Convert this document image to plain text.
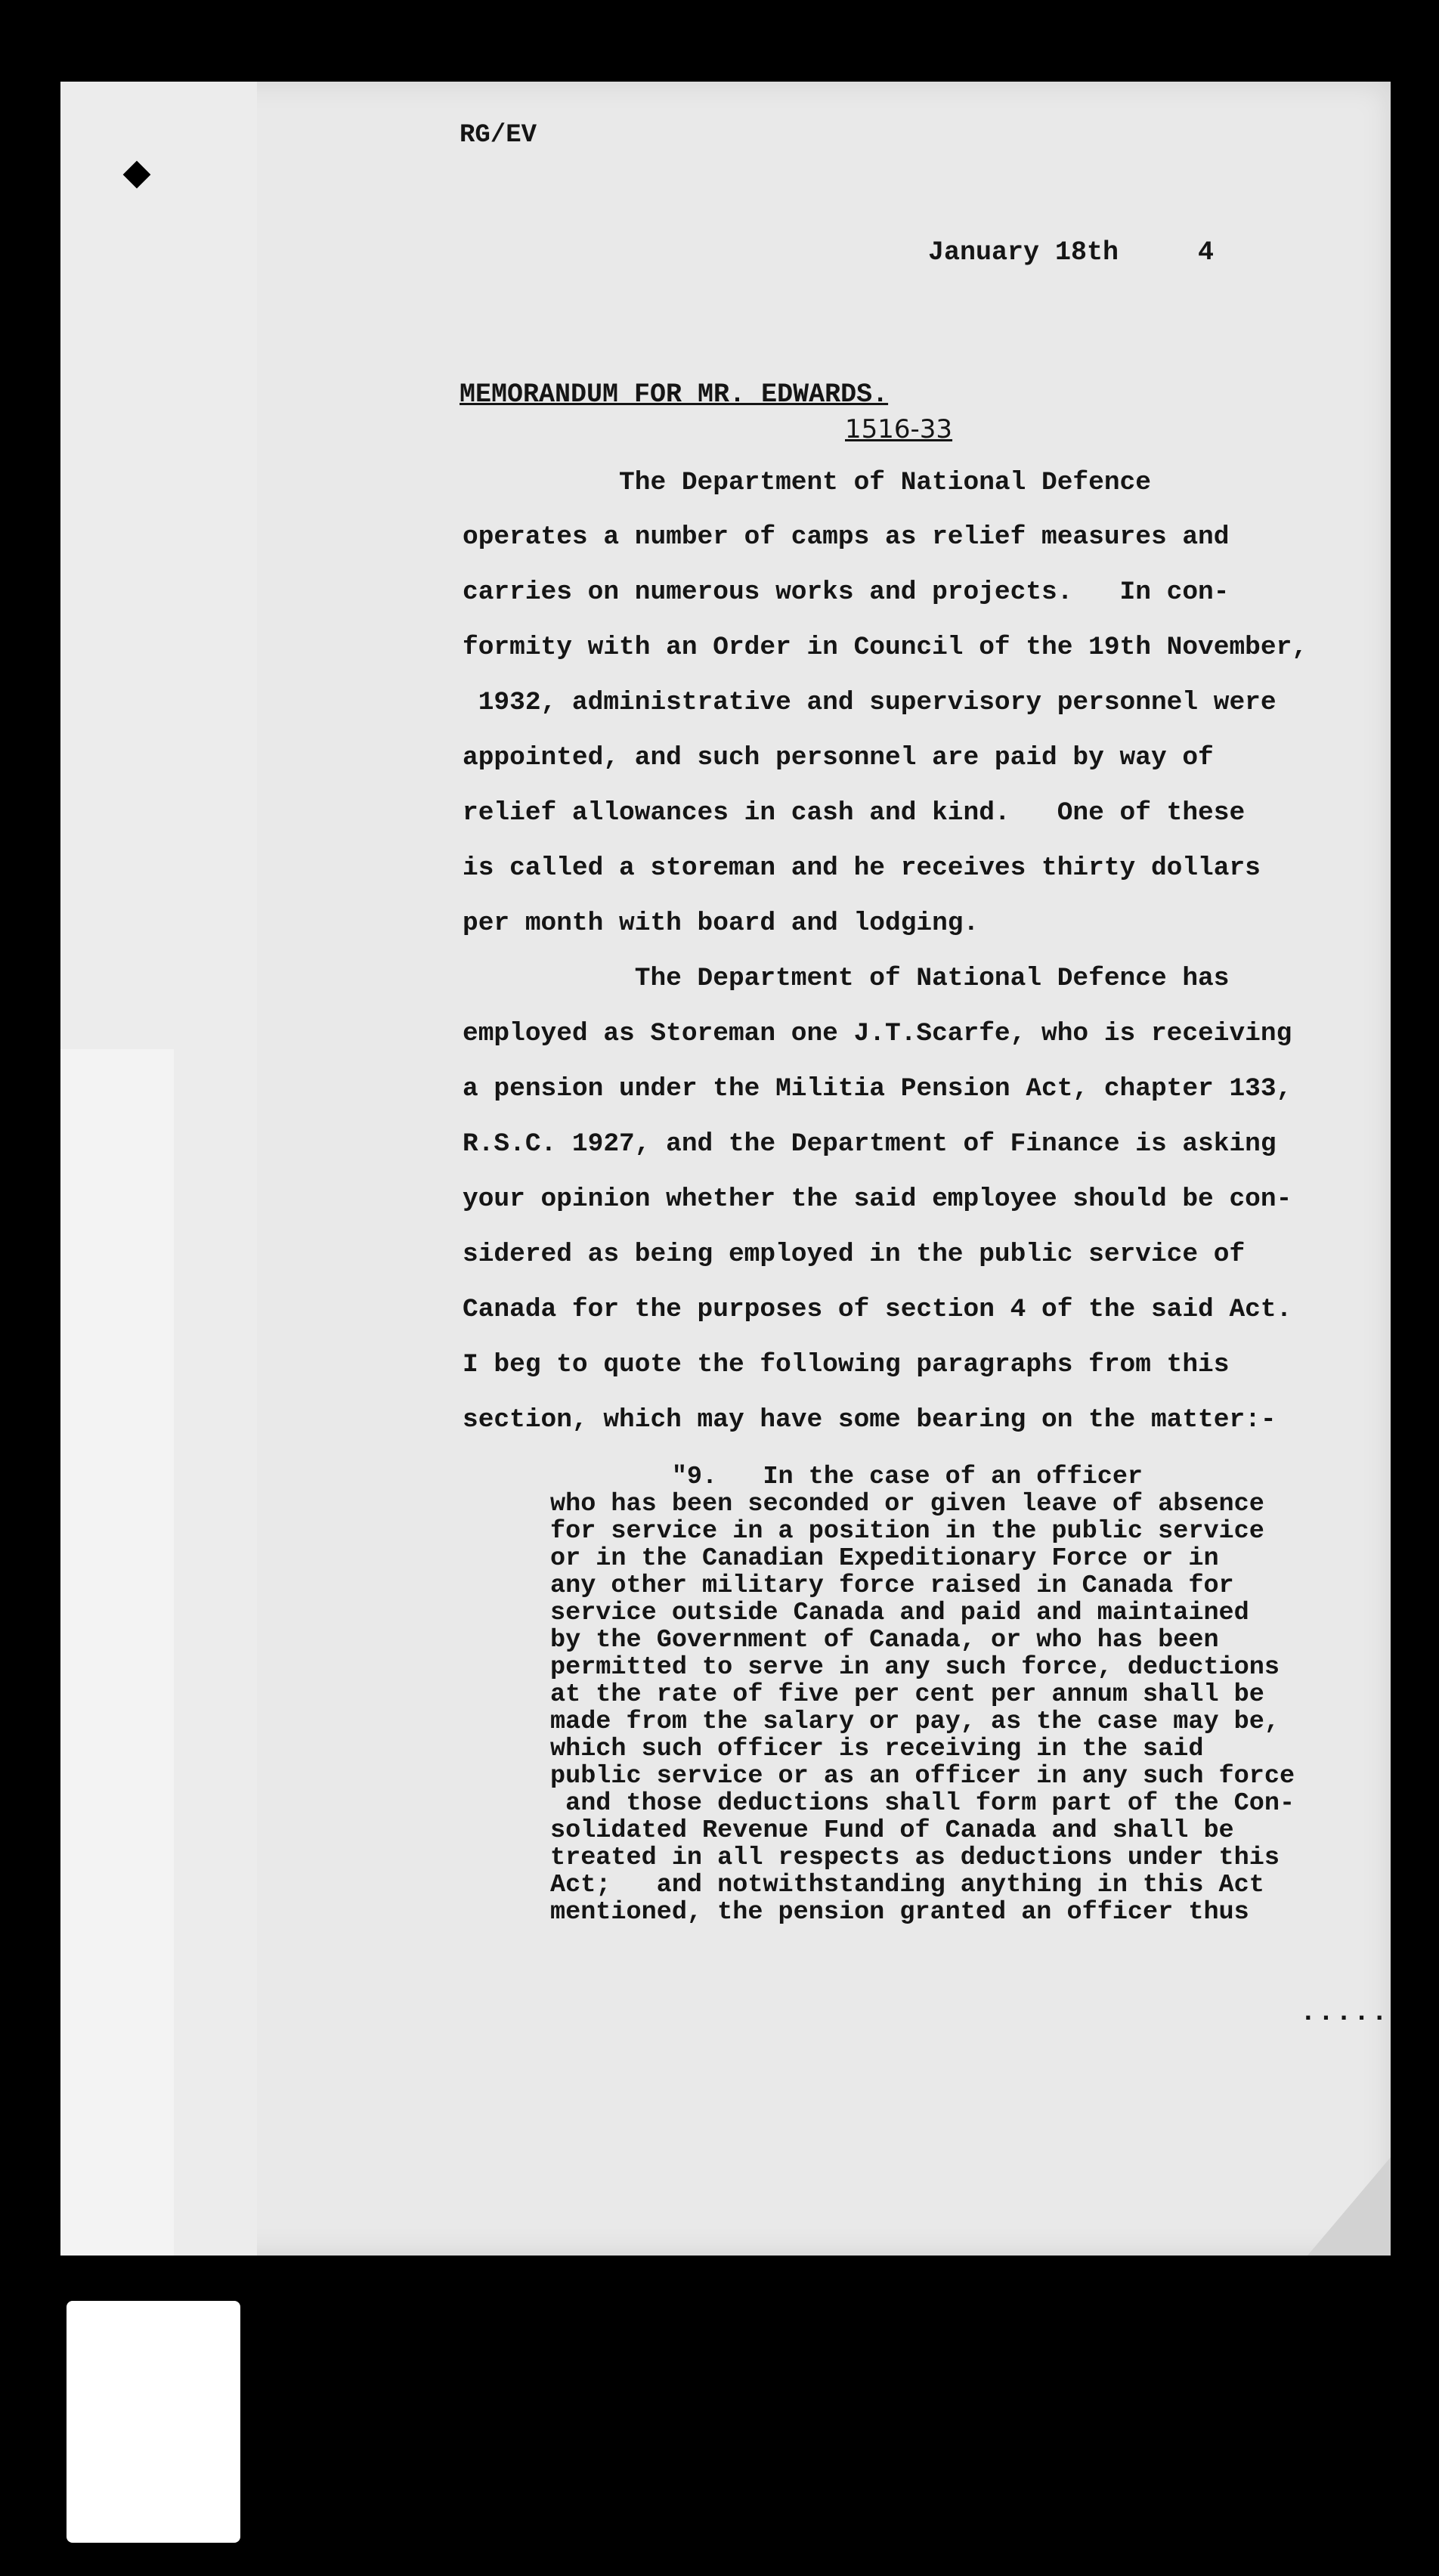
RG/EV

January 18th     4

MEMORANDUM FOR MR. EDWARDS.

1516-33

The Department of National Defence

operates a number of camps as relief measures and

carries on numerous works and projects.   In con-

formity with an Order in Council of the 19th November,

1932, administrative and supervisory personnel were

appointed, and such personnel are paid by way of

relief allowances in cash and kind.   One of these

is called a storeman and he receives thirty dollars

per month with board and lodging.

The Department of National Defence has

employed as Storeman one J.T.Scarfe, who is receiving

a pension under the Militia Pension Act, chapter 133,

R.S.C. 1927, and the Department of Finance is asking

your opinion whether the said employee should be con-

sidered as being employed in the public service of

Canada for the purposes of section 4 of the said Act.

I beg to quote the following paragraphs from this

section, which may have some bearing on the matter:-

"9.   In the case of an officer

who has been seconded or given leave of absence

for service in a position in the public service

or in the Canadian Expeditionary Force or in

any other military force raised in Canada for

service outside Canada and paid and maintained

by the Government of Canada, or who has been

permitted to serve in any such force, deductions

at the rate of five per cent per annum shall be

made from the salary or pay, as the case may be,

which such officer is receiving in the said

public service or as an officer in any such force

and those deductions shall form part of the Con-

solidated Revenue Fund of Canada and shall be

treated in all respects as deductions under this

Act;   and notwithstanding anything in this Act

mentioned, the pension granted an officer thus

.....
